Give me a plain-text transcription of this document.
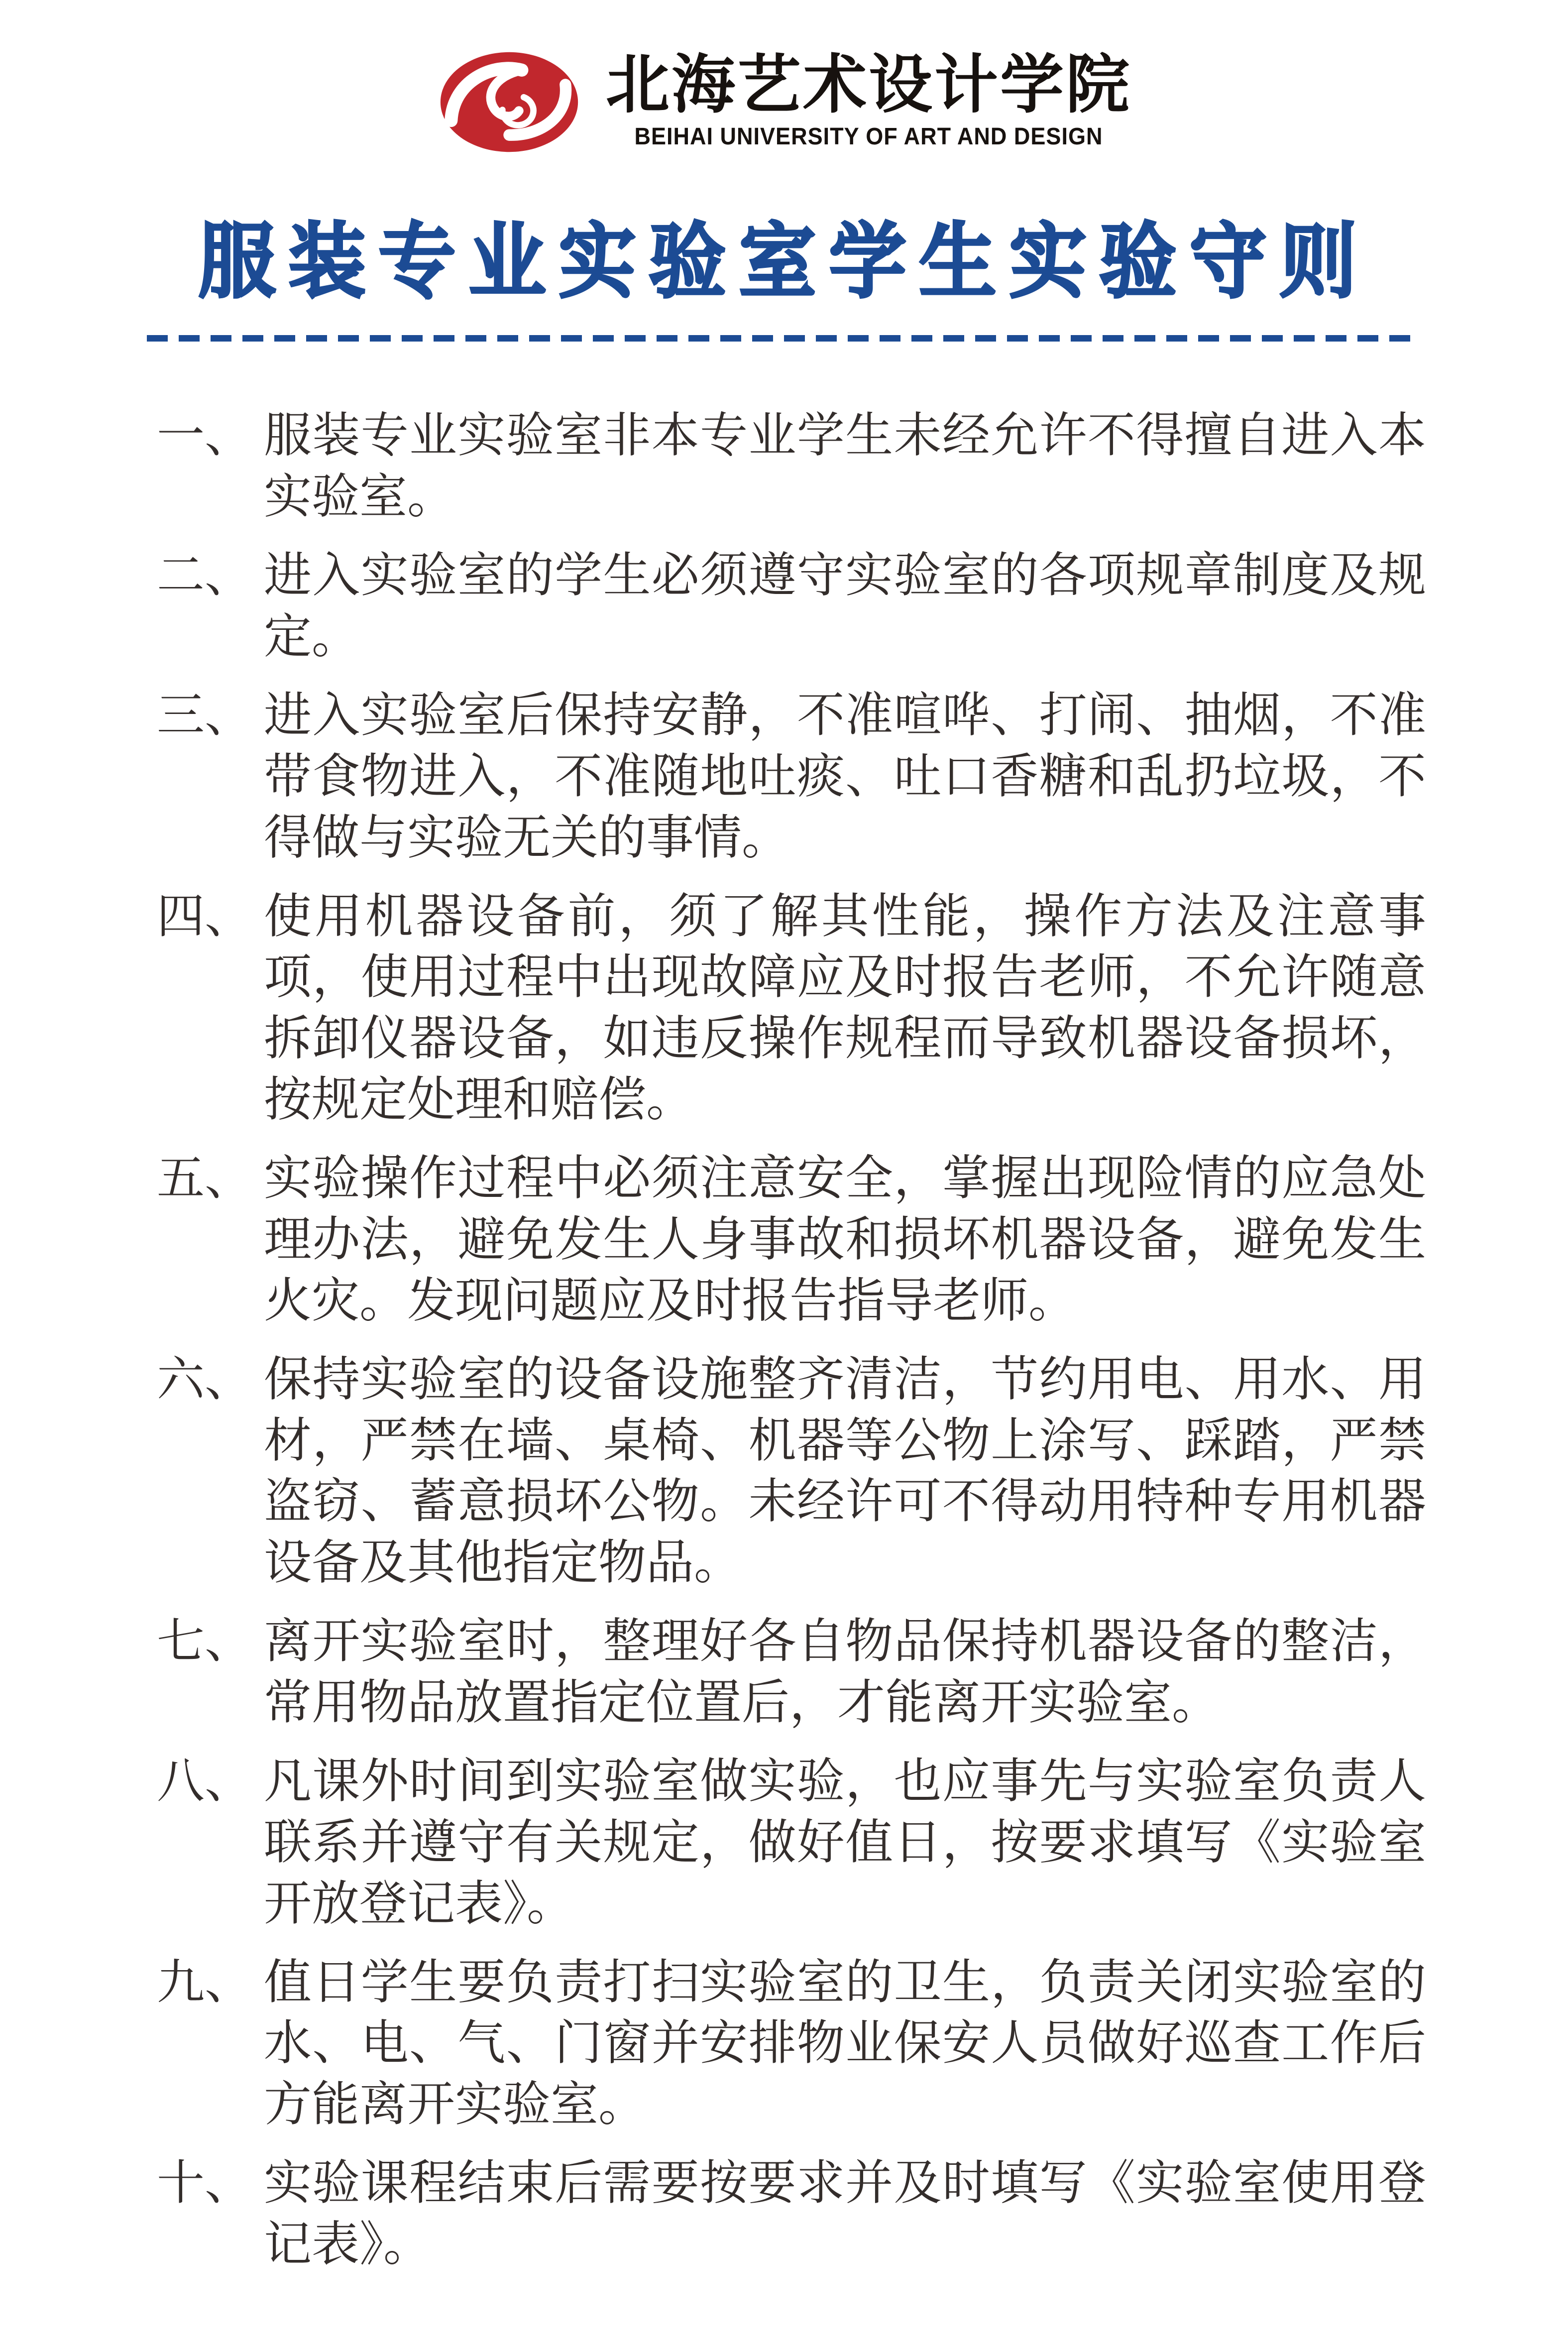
北海艺术设计学院
BEIHAI UNIVERSITY OF ART AND DESIGN
服装专业实验室学生实验守则
一、 服装专业实验室非本专业学生未经允许不得擅自进入本实验室。
二、 进入实验室的学生必须遵守实验室的各项规章制度及规定。
三、 进入实验室后保持安静，不准喧哗、打闹、抽烟，不准带食物进入，不准随地吐痰、吐口香糖和乱扔垃圾，不得做与实验无关的事情。
四、 使用机器设备前，须了解其性能，操作方法及注意事项，使用过程中出现故障应及时报告老师，不允许随意拆卸仪器设备，如违反操作规程而导致机器设备损坏，按规定处理和赔偿。
五、 实验操作过程中必须注意安全，掌握出现险情的应急处理办法，避免发生人身事故和损坏机器设备，避免发生火灾。发现问题应及时报告指导老师。
六、 保持实验室的设备设施整齐清洁，节约用电、用水、用材，严禁在墙、桌椅、机器等公物上涂写、踩踏，严禁盗窃、蓄意损坏公物。未经许可不得动用特种专用机器设备及其他指定物品。
七、 离开实验室时，整理好各自物品保持机器设备的整洁，常用物品放置指定位置后，才能离开实验室。
八、 凡课外时间到实验室做实验，也应事先与实验室负责人联系并遵守有关规定，做好值日，按要求填写《实验室开放登记表》。
九、 值日学生要负责打扫实验室的卫生，负责关闭实验室的水、电、气、门窗并安排物业保安人员做好巡查工作后方能离开实验室。
十、 实验课程结束后需要按要求并及时填写《实验室使用登记表》。
